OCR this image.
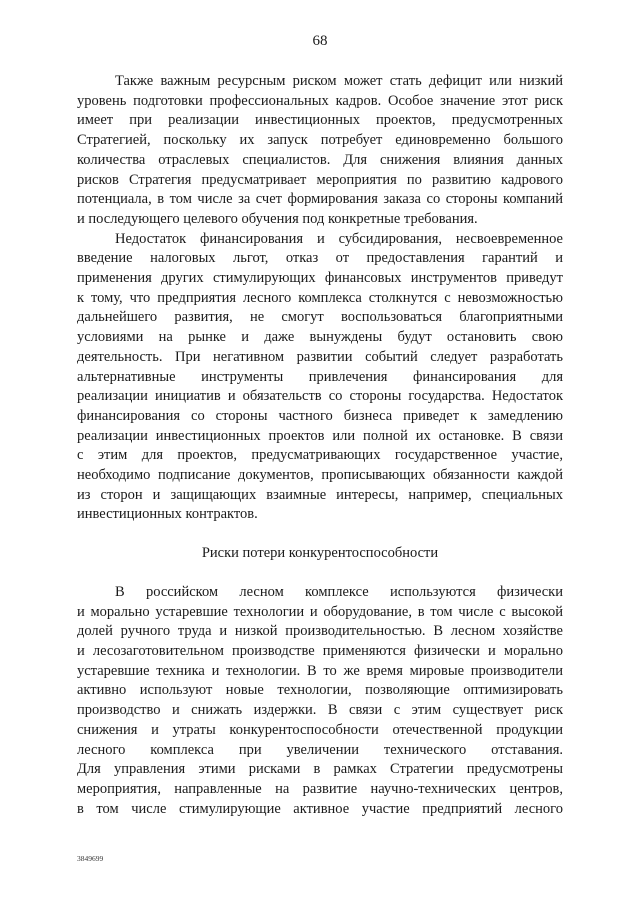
68
Также важным ресурсным риском может стать дефицит или низкий
уровень подготовки профессиональных кадров. Особое значение этот риск
имеет при реализации инвестиционных проектов, предусмотренных
Стратегией, поскольку их запуск потребует единовременно большого
количества отраслевых специалистов. Для снижения влияния данных
рисков Стратегия предусматривает мероприятия по развитию кадрового
потенциала, в том числе за счет формирования заказа со стороны компаний
и последующего целевого обучения под конкретные требования.
Недостаток финансирования и субсидирования, несвоевременное
введение налоговых льгот, отказ от предоставления гарантий и
применения других стимулирующих финансовых инструментов приведут
к тому, что предприятия лесного комплекса столкнутся с невозможностью
дальнейшего развития, не смогут воспользоваться благоприятными
условиями на рынке и даже вынуждены будут остановить свою
деятельность. При негативном развитии событий следует разработать
альтернативные инструменты привлечения финансирования для
реализации инициатив и обязательств со стороны государства. Недостаток
финансирования со стороны частного бизнеса приведет к замедлению
реализации инвестиционных проектов или полной их остановке. В связи
с этим для проектов, предусматривающих государственное участие,
необходимо подписание документов, прописывающих обязанности каждой
из сторон и защищающих взаимные интересы, например, специальных
инвестиционных контрактов.
Риски потери конкурентоспособности
В российском лесном комплексе используются физически
и морально устаревшие технологии и оборудование, в том числе с высокой
долей ручного труда и низкой производительностью. В лесном хозяйстве
и лесозаготовительном производстве применяются физически и морально
устаревшие техника и технологии. В то же время мировые производители
активно используют новые технологии, позволяющие оптимизировать
производство и снижать издержки. В связи с этим существует риск
снижения и утраты конкурентоспособности отечественной продукции
лесного комплекса при увеличении технического отставания.
Для управления этими рисками в рамках Стратегии предусмотрены
мероприятия, направленные на развитие научно-технических центров,
в том числе стимулирующие активное участие предприятий лесного
3849699
